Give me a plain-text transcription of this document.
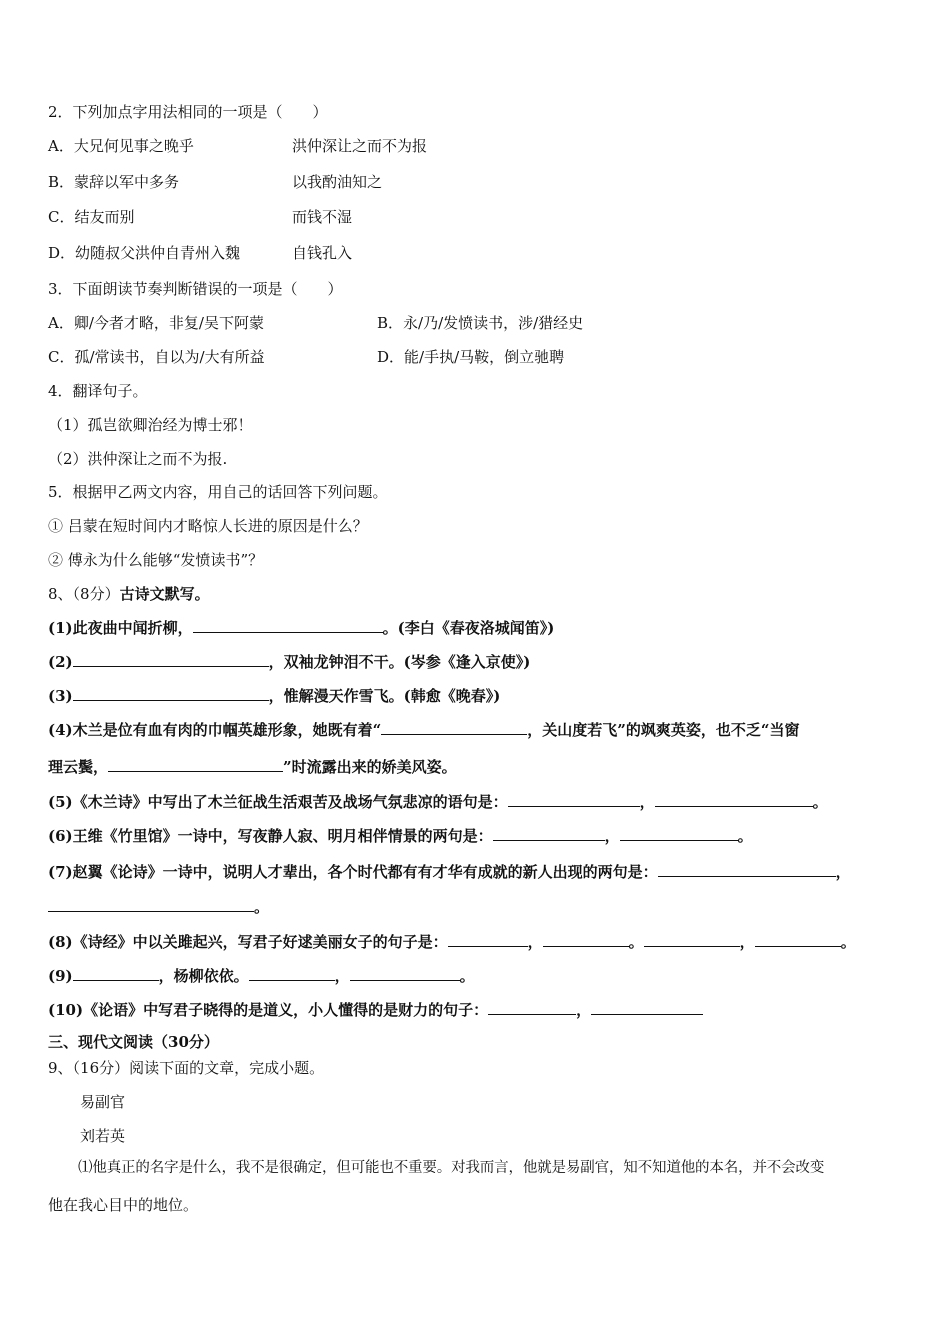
2．下列加点字用法相同的一项是（　　）
A．大兄何见事之晚乎	洪仲深让之而不为报
B．蒙辞以军中多务	以我酌油知之
C．结友而别	而钱不湿
D．幼随叔父洪仲自青州入魏	自钱孔入
3．下面朗读节奏判断错误的一项是（　　）
A．卿/今者才略，非复/吴下阿蒙	B．永/乃/发愤读书，涉/猎经史
C．孤/常读书，自以为/大有所益	D．能/手执/马鞍，倒立驰聘
4．翻译句子。
（1）孤岂欲卿治经为博士邪！
（2）洪仲深让之而不为报.
5．根据甲乙两文内容，用自己的话回答下列问题。
① 吕蒙在短时间内才略惊人长进的原因是什么？
② 傅永为什么能够“发愤读书”？
8、（8分）古诗文默写。
(1)此夜曲中闻折柳，	。(李白《春夜洛城闻笛》)
(2)	，双袖龙钟泪不干。(岑参《逢入京使》)
(3)	，惟解漫天作雪飞。(韩愈《晚春》)
(4)木兰是位有血有肉的巾帼英雄形象，她既有着“	，关山度若飞”的飒爽英姿，也不乏“当窗
理云鬓，	”时流露出来的娇美风姿。
(5)《木兰诗》中写出了木兰征战生活艰苦及战场气氛悲凉的语句是：	，	。
(6)王维《竹里馆》一诗中，写夜静人寂、明月相伴情景的两句是：	，	。
(7)赵翼《论诗》一诗中，说明人才辈出，各个时代都有有才华有成就的新人出现的两句是：	，
。
(8)《诗经》中以关雎起兴，写君子好逑美丽女子的句子是：	，	。	，	。
(9)	，杨柳依依。	，	。
(10)《论语》中写君子晓得的是道义，小人懂得的是财力的句子：	，
三、现代文阅读（30分）
9、（16分）阅读下面的文章，完成小题。
易副官
刘若英
⑴他真正的名字是什么，我不是很确定，但可能也不重要。对我而言，他就是易副官，知不知道他的本名，并不会改变
他在我心目中的地位。
